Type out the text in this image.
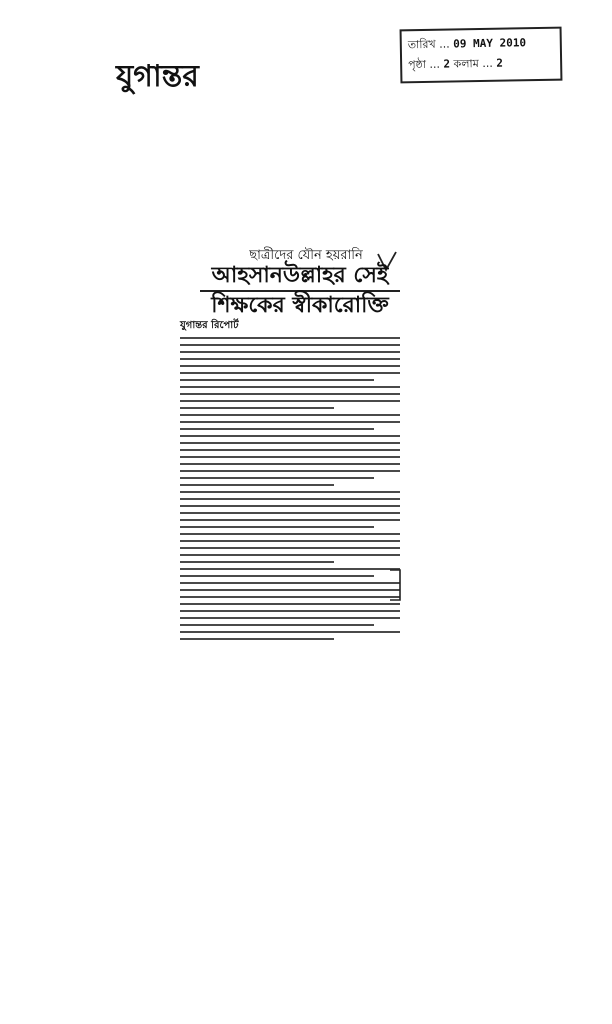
যুগান্তর
তারিখ ... 09 MAY 2010
পৃষ্ঠা ... 2 কলাম ... 2
ছাত্রীদের যৌন হয়রানি
আহসানউল্লাহর সেই
শিক্ষকের স্বীকারোক্তি
যুগান্তর রিপোর্ট
